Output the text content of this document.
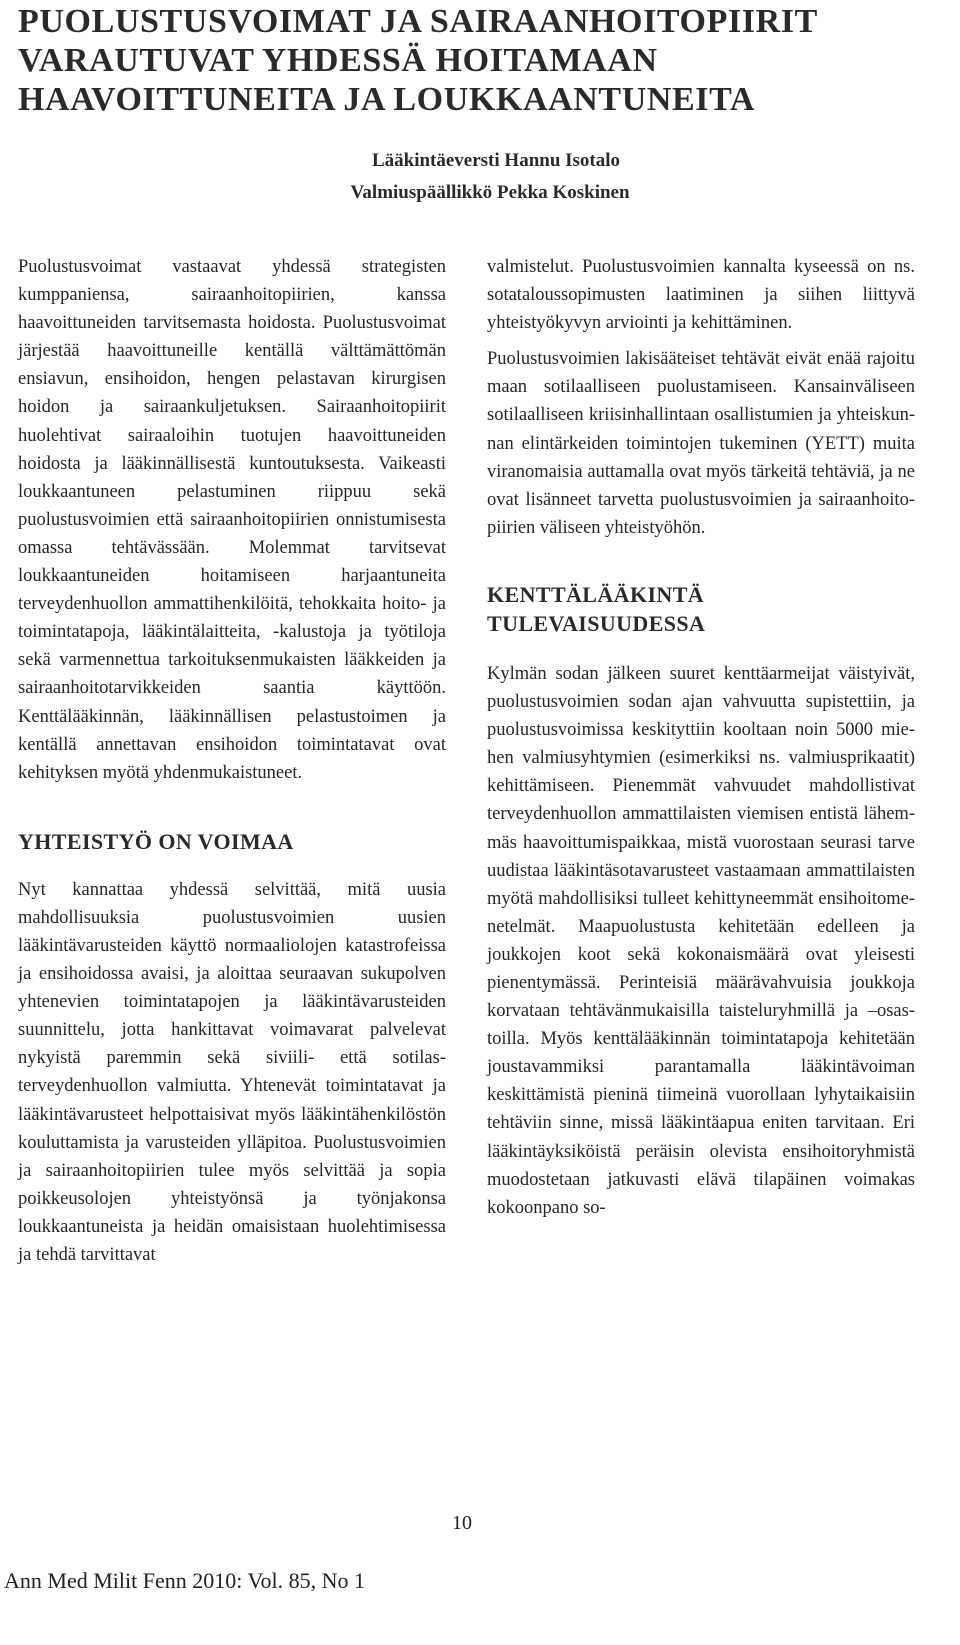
PUOLUSTUSVOIMAT JA SAIRAANHOITOPIIRIT
VARAUTUVAT YHDESSÄ HOITAMAAN
HAAVOITTUNEITA JA LOUKKAANTUNEITA

Lääkintäeversti Hannu Isotalo

Valmiuspäällikkö Pekka Koskinen

Puolustusvoimat vastaavat yhdessä strategisten kumppaniensa, sairaanhoitopiirien, kanssa haavoittuneiden tarvitsemasta hoidosta. Puolustusvoimat järjestää haavoittuneille kentällä välttämättömän ensiavun, ensihoidon, hengen pelastavan kirurgisen hoidon ja sairaankuljetuksen. Sairaanhoitopiirit huolehtivat sairaaloihin tuotujen haavoittuneiden hoidosta ja lääkinnällisestä kuntoutuksesta. Vaikeasti loukkaantuneen pelastuminen riippuu sekä puolustusvoimien että sairaanhoitopiirien onnistumisesta omassa tehtävässään. Molemmat tarvitsevat loukkaantuneiden hoitamiseen harjaantuneita terveydenhuollon ammattihenkilöitä, tehokkaita hoito- ja toimintatapoja, lääkintälaitteita, -kalustoja ja työtiloja sekä varmennettua tarkoituksenmukaisten lääkkeiden ja sairaanhoitotarvikkeiden saantia käyttöön. Kenttälääkinnän, lääkinnällisen pelastustoimen ja kentällä annettavan ensihoidon toimintatavat ovat kehityksen myötä yhdenmukaistuneet.

YHTEISTYÖ ON VOIMAA

Nyt kannattaa yhdessä selvittää, mitä uusia mahdollisuuksia puolustusvoimien uusien lääkintävarusteiden käyttö normaaliolojen katastrofeissa ja ensihoidossa avaisi, ja aloittaa seuraavan sukupolven yhtenevien toimintatapojen ja lääkintävarusteiden suunnittelu, jotta hankittavat voimavarat palvelevat nykyistä paremmin sekä siviili- että sotilasterveydenhuollon valmiutta. Yhtenevät toimintatavat ja lääkintävarusteet helpottaisivat myös lääkintähenkilöstön kouluttamista ja varusteiden ylläpitoa. Puolustusvoimien ja sairaanhoitopiirien tulee myös selvittää ja sopia poikkeusolojen yhteistyönsä ja työnjakonsa loukkaantuneista ja heidän omaisistaan huolehtimisessa ja tehdä tarvittavat

valmistelut. Puolustusvoimien kannalta kyseessä on ns. sotataloussopimusten laatiminen ja siihen liittyvä yhteistyökyvyn arviointi ja kehittäminen.

Puolustusvoimien lakisääteiset tehtävät eivät enää rajoitu maan sotilaalliseen puolustamiseen. Kansainväliseen sotilaalliseen kriisinhallintaan osallistumien ja yhteiskunnan elintärkeiden toimintojen tukeminen (YETT) muita viranomaisia auttamalla ovat myös tärkeitä tehtäviä, ja ne ovat lisänneet tarvetta puolustusvoimien ja sairaanhoitopiirien väliseen yhteistyöhön.

KENTTÄLÄÄKINTÄ
TULEVAISUUDESSA

Kylmän sodan jälkeen suuret kenttäarmeijat väistyivät, puolustusvoimien sodan ajan vahvuutta supistettiin, ja puolustusvoimissa keskityttiin kooltaan noin 5000 miehen valmiusyhtymien (esimerkiksi ns. valmiusprikaatit) kehittämiseen. Pienemmät vahvuudet mahdollistivat terveydenhuollon ammattilaisten viemisen entistä lähemmäs haavoittumispaikkaa, mistä vuorostaan seurasi tarve uudistaa lääkintäsotavarusteet vastaamaan ammattilaisten myötä mahdollisiksi tulleet kehittyneemmät ensihoitomenetelmät. Maapuolustusta kehitetään edelleen ja joukkojen koot sekä kokonaismäärä ovat yleisesti pienentymässä. Perinteisiä määrävahvuisia joukkoja korvataan tehtävänmukaisilla taisteluryhmillä ja –osastoilla. Myös kenttälääkinnän toimintatapoja kehitetään joustavammiksi parantamalla lääkintävoiman keskittämistä pieninä tiimeinä vuorollaan lyhytaikaisiin tehtäviin sinne, missä lääkintäapua eniten tarvitaan. Eri lääkintäyksiköistä peräisin olevista ensihoitoryhmistä muodostetaan jatkuvasti elävä tilapäinen voimakas kokoonpano so-

10
Ann Med Milit Fenn 2010: Vol. 85, No 1
